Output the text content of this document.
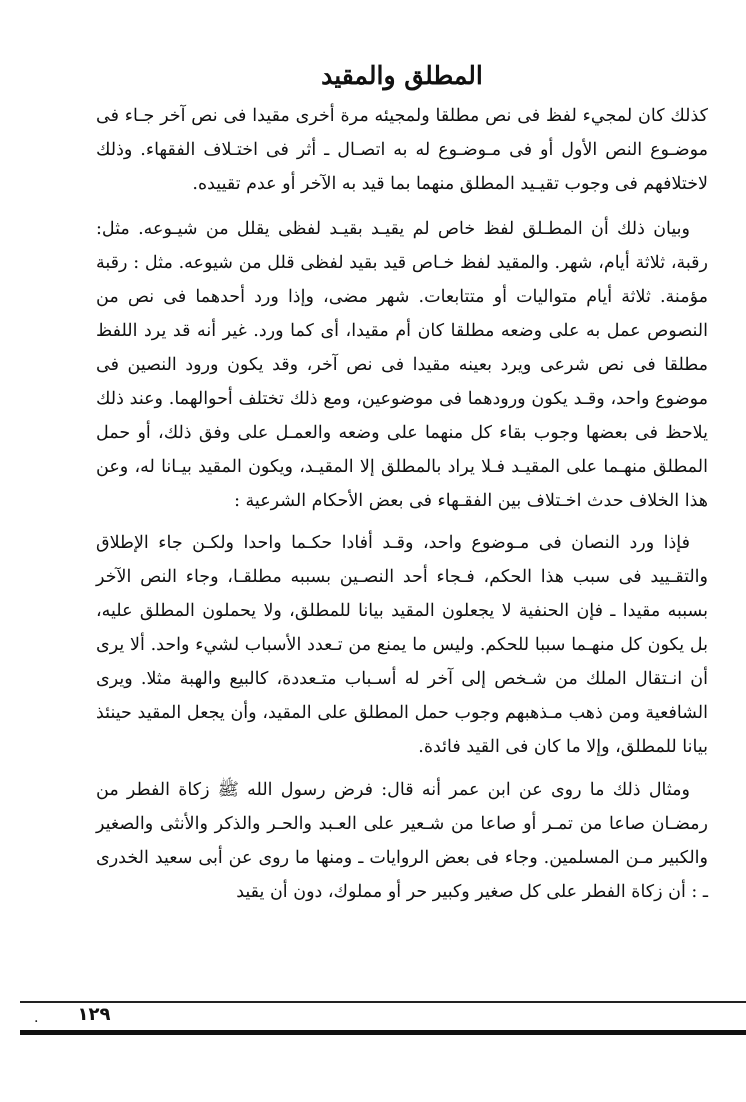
المطلق والمقيد

كذلك كان لمجيء لفظ فى نص مطلقا ولمجيئه مرة أخرى مقيدا فى نص آخر جـاء فى موضـوع النص الأول أو فى مـوضـوع له به اتصـال ـ أثر فى اختـلاف الفقهاء. وذلك لاختلافهم فى وجوب تقيـيد المطلق منهما بما قيد به الآخر أو عدم تقييده.

وبيان ذلك أن المطـلق لفظ خاص لم يقيـد بقيـد لفظى يقلل من شيـوعه. مثل: رقبة، ثلاثة أيام، شهر. والمقيد لفظ خـاص قيد بقيد لفظى قلل من شيوعه. مثل : رقبة مؤمنة. ثلاثة أيام متواليات أو متتابعات. شهر مضى، وإذا ورد أحدهما فى نص من النصوص عمل به على وضعه مطلقا كان أم مقيدا، أى كما ورد. غير أنه قد يرد اللفظ مطلقا فى نص شرعى ويرد بعينه مقيدا فى نص آخر، وقد يكون ورود النصين فى موضوع واحد، وقـد يكون ورودهما فى موضوعين، ومع ذلك تختلف أحوالهما. وعند ذلك يلاحظ فى بعضها وجوب بقاء كل منهما على وضعه والعمـل على وفق ذلك، أو حمل المطلق منهـما على المقيـد فـلا يراد بالمطلق إلا المقيـد، ويكون المقيد بيـانا له، وعن هذا الخلاف حدث اخـتلاف بين الفقـهاء فى بعض الأحكام الشرعية :

فإذا ورد النصان فى مـوضوع واحد، وقـد أفادا حكـما واحدا ولكـن جاء الإطلاق والتقـييد فى سبب هذا الحكم، فـجاء أحد النصـين بسببه مطلقـا، وجاء النص الآخر بسببه مقيدا ـ فإن الحنفية لا يجعلون المقيد بيانا للمطلق، ولا يحملون المطلق عليه، بل يكون كل منهـما سببا للحكم. وليس ما يمنع من تـعدد الأسباب لشيء واحد. ألا يرى أن انـتقال الملك من شـخص إلى آخر له أسـباب متـعددة، كالبيع والهبة مثلا. ويرى الشافعية ومن ذهب مـذهبهم وجوب حمل المطلق على المقيد، وأن يجعل المقيد حينئذ بيانا للمطلق، وإلا ما كان فى القيد فائدة.

ومثال ذلك ما روى عن ابن عمر أنه قال: فرض رسول الله ﷺ زكاة الفطر من رمضـان صاعا من تمـر أو صاعا من شـعير على العـبد والحـر والذكر والأنثى والصغير والكبير مـن المسلمين. وجاء فى بعض الروايات ـ ومنها ما روى عن أبى سعيد الخدرى ـ : أن زكاة الفطر على كل صغير وكبير حر أو مملوك، دون أن يقيد

١٢٩
.
